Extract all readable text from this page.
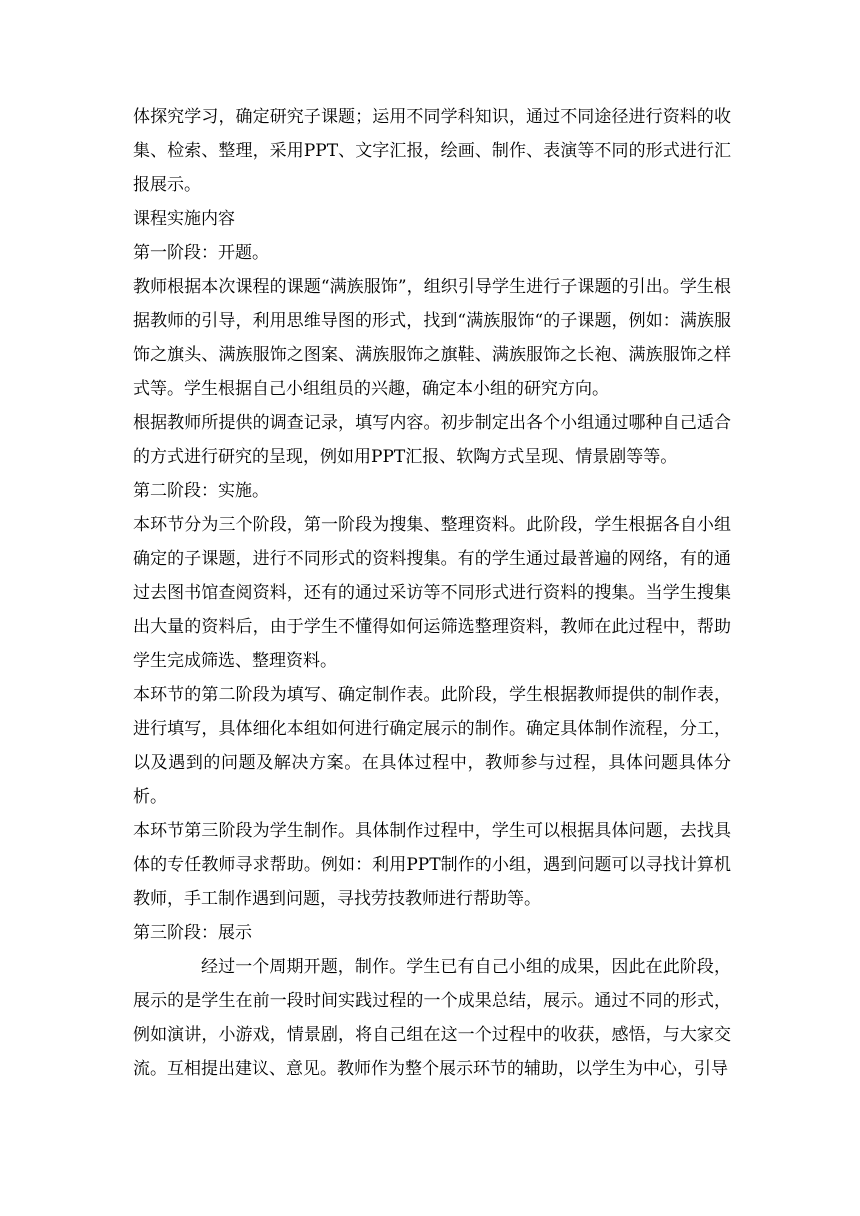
体探究学习，确定研究子课题；运用不同学科知识，通过不同途径进行资料的收集、检索、整理，采用PPT、文字汇报，绘画、制作、表演等不同的形式进行汇报展示。

课程实施内容

第一阶段：开题。

教师根据本次课程的课题“满族服饰”，组织引导学生进行子课题的引出。学生根据教师的引导，利用思维导图的形式，找到“满族服饰“的子课题，例如：满族服饰之旗头、满族服饰之图案、满族服饰之旗鞋、满族服饰之长袍、满族服饰之样式等。学生根据自己小组组员的兴趣，确定本小组的研究方向。

根据教师所提供的调查记录，填写内容。初步制定出各个小组通过哪种自己适合的方式进行研究的呈现，例如用PPT汇报、软陶方式呈现、情景剧等等。

第二阶段：实施。

本环节分为三个阶段，第一阶段为搜集、整理资料。此阶段，学生根据各自小组确定的子课题，进行不同形式的资料搜集。有的学生通过最普遍的网络，有的通过去图书馆查阅资料，还有的通过采访等不同形式进行资料的搜集。当学生搜集出大量的资料后，由于学生不懂得如何运筛选整理资料，教师在此过程中，帮助学生完成筛选、整理资料。

本环节的第二阶段为填写、确定制作表。此阶段，学生根据教师提供的制作表，进行填写，具体细化本组如何进行确定展示的制作。确定具体制作流程，分工，以及遇到的问题及解决方案。在具体过程中，教师参与过程，具体问题具体分析。

本环节第三阶段为学生制作。具体制作过程中，学生可以根据具体问题，去找具体的专任教师寻求帮助。例如：利用PPT制作的小组，遇到问题可以寻找计算机教师，手工制作遇到问题，寻找劳技教师进行帮助等。

第三阶段：展示

经过一个周期开题，制作。学生已有自己小组的成果，因此在此阶段，展示的是学生在前一段时间实践过程的一个成果总结，展示。通过不同的形式，例如演讲，小游戏，情景剧，将自己组在这一个过程中的收获，感悟，与大家交流。互相提出建议、意见。教师作为整个展示环节的辅助，以学生为中心，引导
